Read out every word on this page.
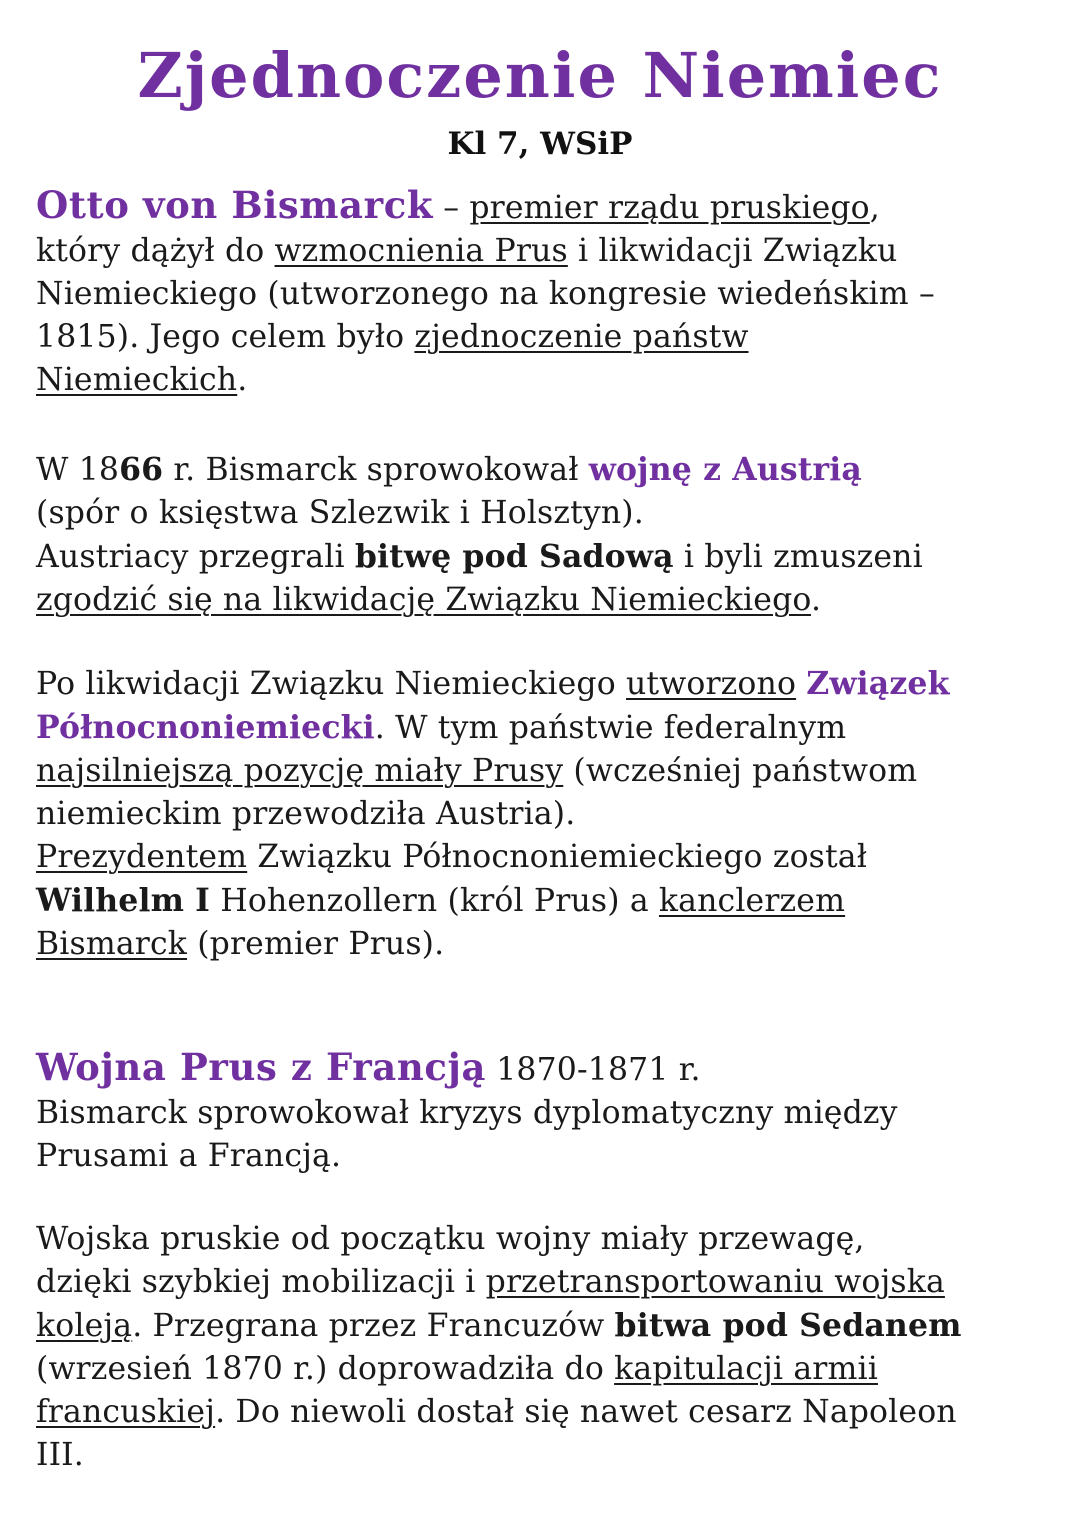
Zjednoczenie Niemiec
Kl 7, WSiP
Otto von Bismarck – premier rządu pruskiego,
który dążył do wzmocnienia Prus i likwidacji Związku
Niemieckiego (utworzonego na kongresie wiedeńskim –
1815). Jego celem było zjednoczenie państw
Niemieckich.
W 1866 r. Bismarck sprowokował wojnę z Austrią
(spór o księstwa Szlezwik i Holsztyn).
Austriacy przegrali bitwę pod Sadową i byli zmuszeni
zgodzić się na likwidację Związku Niemieckiego.
Po likwidacji Związku Niemieckiego utworzono Związek
Północnoniemiecki. W tym państwie federalnym
najsilniejszą pozycję miały Prusy (wcześniej państwom
niemieckim przewodziła Austria).
Prezydentem Związku Północnoniemieckiego został
Wilhelm I Hohenzollern (król Prus) a kanclerzem
Bismarck (premier Prus).
Wojna Prus z Francją 1870-1871 r.
Bismarck sprowokował kryzys dyplomatyczny między
Prusami a Francją.
Wojska pruskie od początku wojny miały przewagę,
dzięki szybkiej mobilizacji i przetransportowaniu wojska
koleją. Przegrana przez Francuzów bitwa pod Sedanem
(wrzesień 1870 r.) doprowadziła do kapitulacji armii
francuskiej. Do niewoli dostał się nawet cesarz Napoleon
III.
